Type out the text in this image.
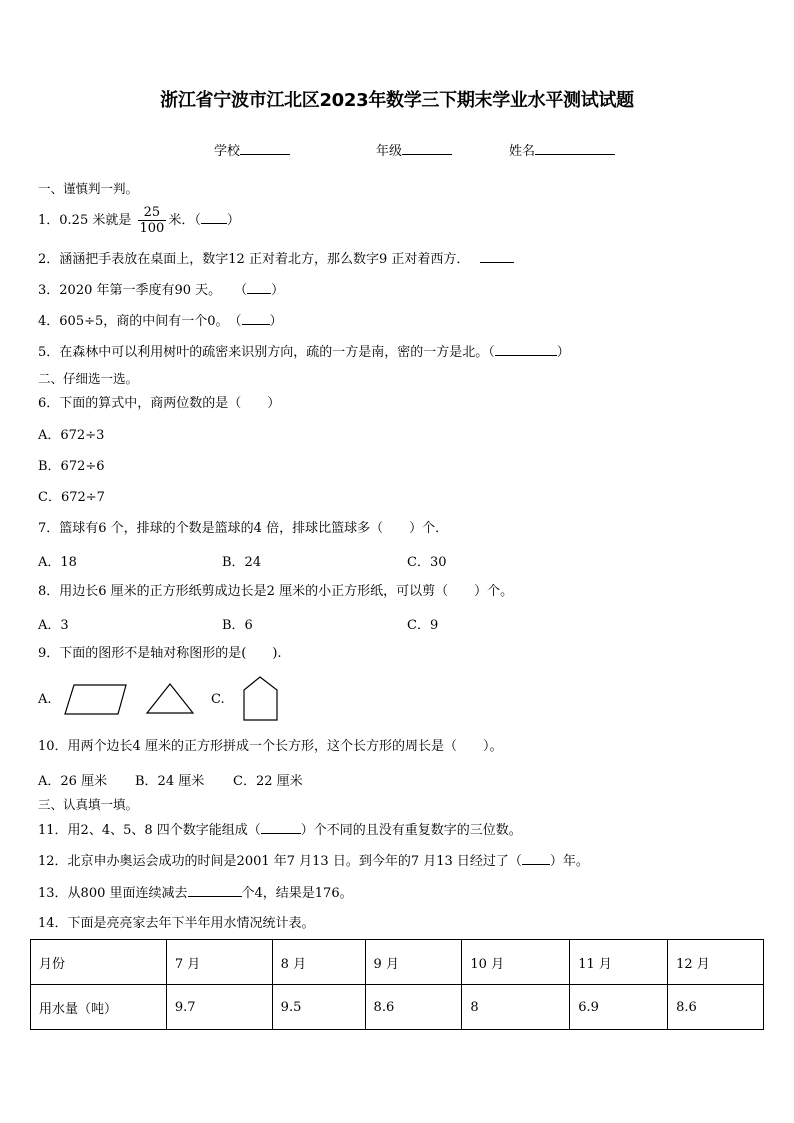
浙江省宁波市江北区2023年数学三下期末学业水平测试试题
学校	年级	姓名
一、谨慎判一判。
1．0.25 米就是 $\frac{25}{100}$ 米．（ ）
2．涵涵把手表放在桌面上，数字12 正对着北方，那么数字9 正对着西方．
3．2020 年第一季度有90 天。　　（ ）
4．605÷5，商的中间有一个0。　（ ）
5．在森林中可以利用树叶的疏密来识别方向，疏的一方是南，密的一方是北。（	）
二、仔细选一选。
6．下面的算式中，商两位数的是（　　）
A．672÷3
B．672÷6
C．672÷7
7．篮球有6 个，排球的个数是篮球的4 倍，排球比篮球多（　　）个．
A．18	B．24	C．30
8．用边长6 厘米的正方形纸剪成边长是2 厘米的小正方形纸，可以剪（　　）个。
A．3	B．6	C．9
9．下面的图形不是轴对称图形的是(　　).
A.	C.
10．用两个边长4 厘米的正方形拼成一个长方形，这个长方形的周长是（　　）。
A．26 厘米 B．24 厘米 C．22 厘米
三、认真填一填。
11．用2、4、5、8 四个数字能组成（	）个不同的且没有重复数字的三位数。
12．北京申办奥运会成功的时间是2001 年7 月13 日。到今年的7 月13 日经过了（ ）年。
13．从800 里面连续减去	个4，结果是176。
14．下面是亮亮家去年下半年用水情况统计表。
月份	7 月	8 月	9 月	10 月	11 月	12 月
用水量（吨）	9.7	9.5	8.6	8	6.9	8.6
